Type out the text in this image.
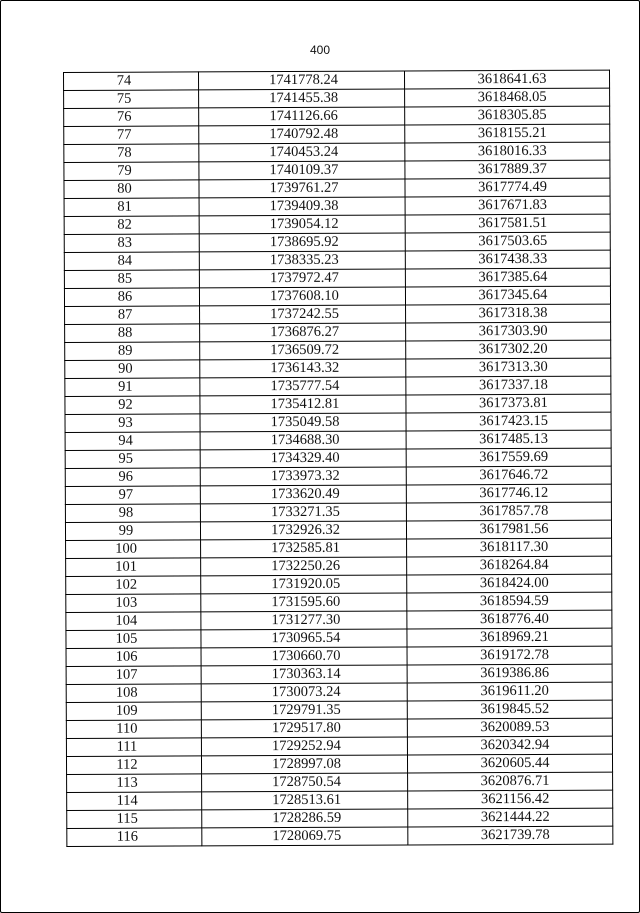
400
74	1741778.24	3618641.63
75	1741455.38	3618468.05
76	1741126.66	3618305.85
77	1740792.48	3618155.21
78	1740453.24	3618016.33
79	1740109.37	3617889.37
80	1739761.27	3617774.49
81	1739409.38	3617671.83
82	1739054.12	3617581.51
83	1738695.92	3617503.65
84	1738335.23	3617438.33
85	1737972.47	3617385.64
86	1737608.10	3617345.64
87	1737242.55	3617318.38
88	1736876.27	3617303.90
89	1736509.72	3617302.20
90	1736143.32	3617313.30
91	1735777.54	3617337.18
92	1735412.81	3617373.81
93	1735049.58	3617423.15
94	1734688.30	3617485.13
95	1734329.40	3617559.69
96	1733973.32	3617646.72
97	1733620.49	3617746.12
98	1733271.35	3617857.78
99	1732926.32	3617981.56
100	1732585.81	3618117.30
101	1732250.26	3618264.84
102	1731920.05	3618424.00
103	1731595.60	3618594.59
104	1731277.30	3618776.40
105	1730965.54	3618969.21
106	1730660.70	3619172.78
107	1730363.14	3619386.86
108	1730073.24	3619611.20
109	1729791.35	3619845.52
110	1729517.80	3620089.53
111	1729252.94	3620342.94
112	1728997.08	3620605.44
113	1728750.54	3620876.71
114	1728513.61	3621156.42
115	1728286.59	3621444.22
116	1728069.75	3621739.78
